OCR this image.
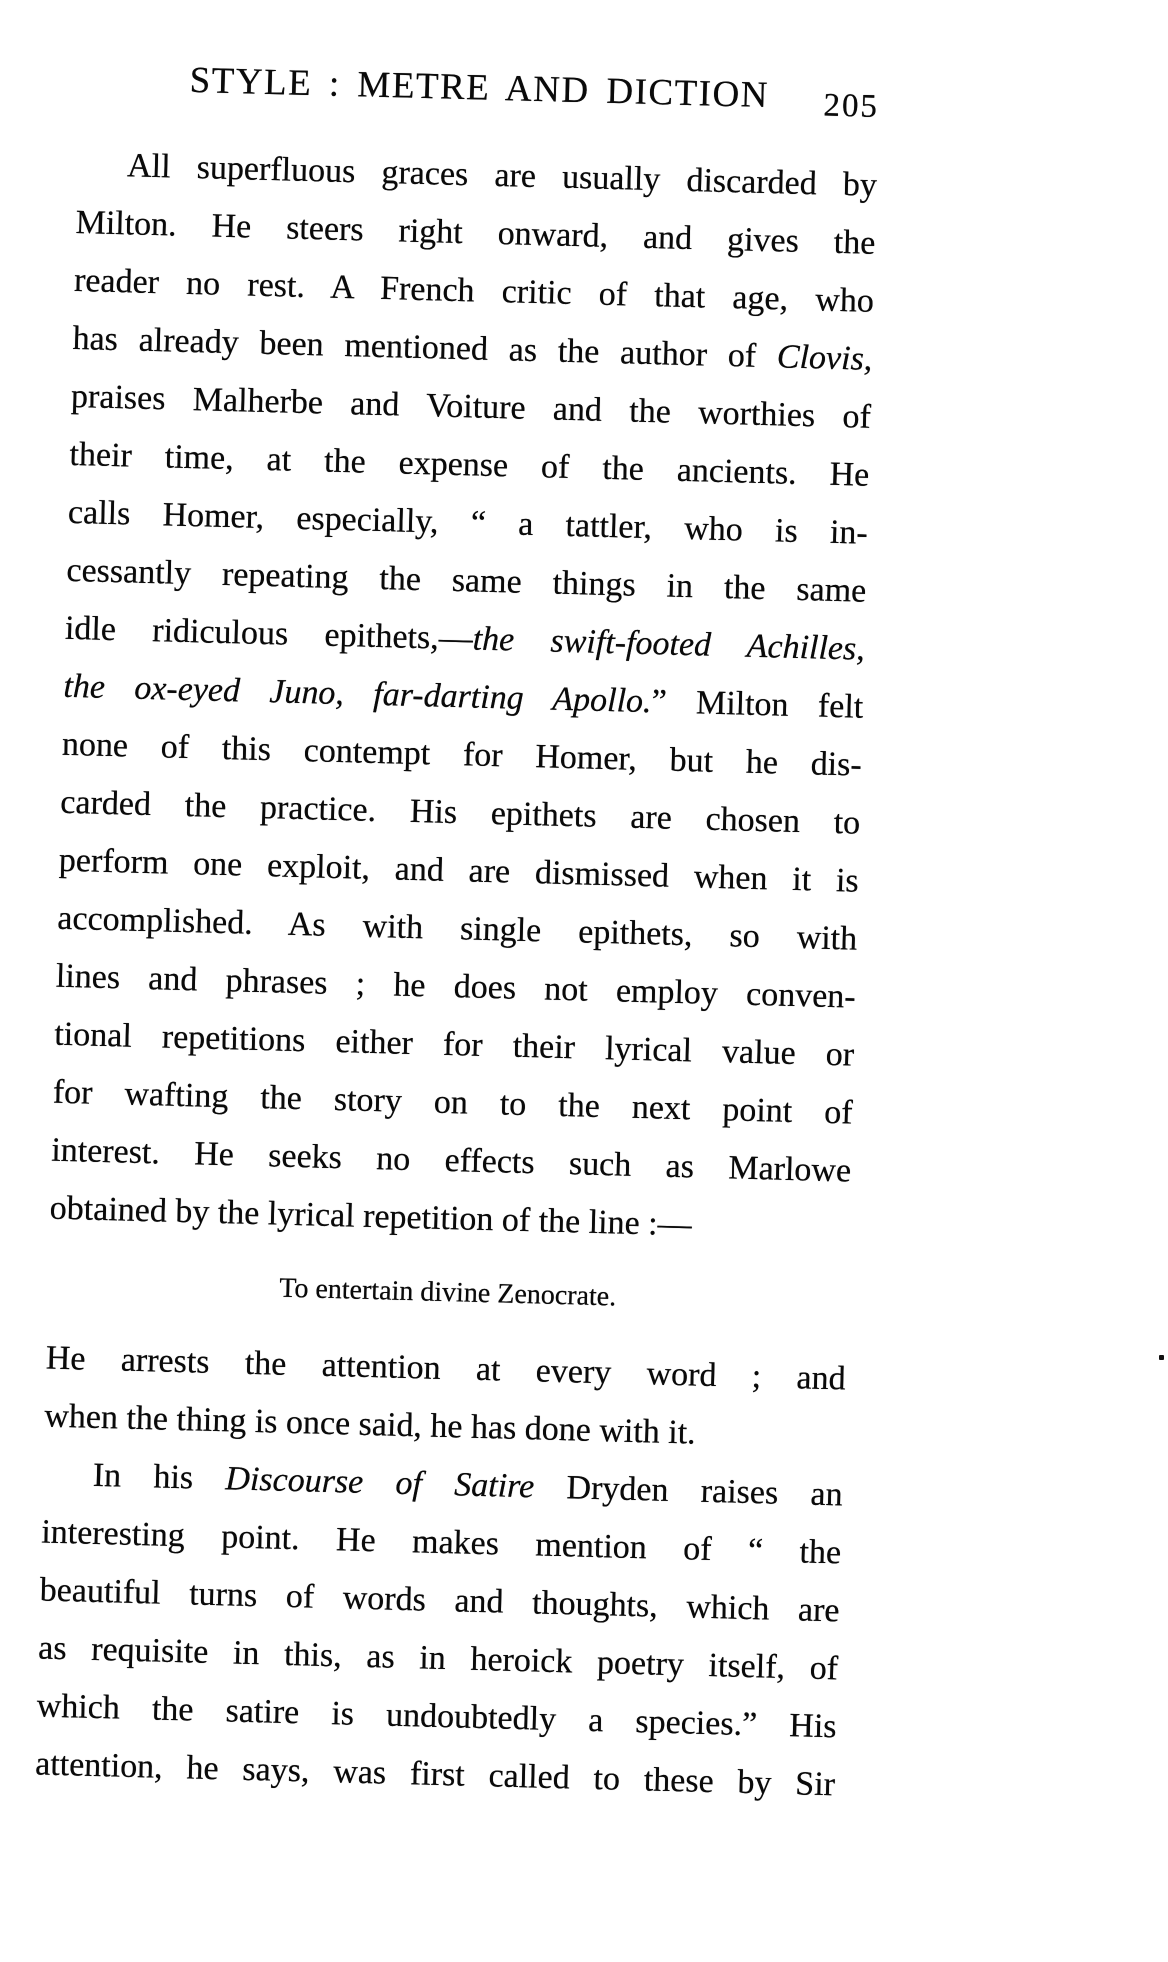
STYLE : METRE AND DICTION	205
All superfluous graces are usually discarded by
Milton. He steers right onward, and gives the
reader no rest. A French critic of that age, who
has already been mentioned as the author of Clovis,
praises Malherbe and Voiture and the worthies of
their time, at the expense of the ancients. He
calls Homer, especially, “ a tattler, who is in-
cessantly repeating the same things in the same
idle ridiculous epithets,—the swift-footed Achilles,
the ox-eyed Juno, far-darting Apollo.” Milton felt
none of this contempt for Homer, but he dis-
carded the practice. His epithets are chosen to
perform one exploit, and are dismissed when it is
accomplished. As with single epithets, so with
lines and phrases ; he does not employ conven-
tional repetitions either for their lyrical value or
for wafting the story on to the next point of
interest. He seeks no effects such as Marlowe
obtained by the lyrical repetition of the line :—
To entertain divine Zenocrate.
He arrests the attention at every word ; and
when the thing is once said, he has done with it.
In his Discourse of Satire Dryden raises an
interesting point. He makes mention of “ the
beautiful turns of words and thoughts, which are
as requisite in this, as in heroick poetry itself, of
which the satire is undoubtedly a species.” His
attention, he says, was first called to these by Sir
